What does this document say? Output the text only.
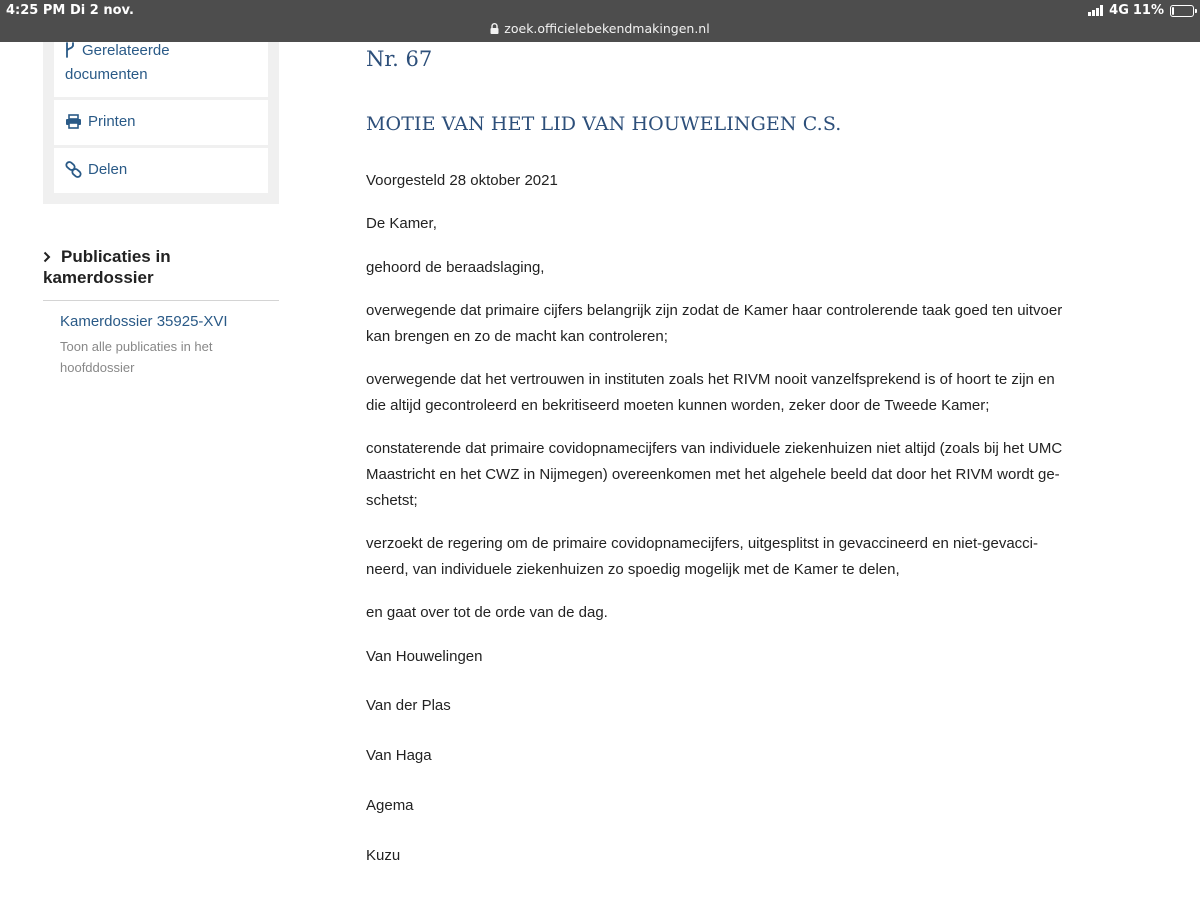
4:25 PM Di 2 nov.
zoek.officielebekendmakingen.nl
4G 11%
Gerelateerde
documenten
Printen
Delen
Publicaties in
kamerdossier
Kamerdossier 35925-XVI
Toon alle publicaties in het
hoofddossier
Nr. 67
MOTIE VAN HET LID VAN HOUWELINGEN C.S.
Voorgesteld 28 oktober 2021
De Kamer,
gehoord de beraadslaging,
overwegende dat primaire cijfers belangrijk zijn zodat de Kamer haar controlerende taak goed ten uitvoer
kan brengen en zo de macht kan controleren;
overwegende dat het vertrouwen in instituten zoals het RIVM nooit vanzelfsprekend is of hoort te zijn en
die altijd gecontroleerd en bekritiseerd moeten kunnen worden, zeker door de Tweede Kamer;
constaterende dat primaire covidopnamecijfers van individuele ziekenhuizen niet altijd (zoals bij het UMC
Maastricht en het CWZ in Nijmegen) overeenkomen met het algehele beeld dat door het RIVM wordt ge-
schetst;
verzoekt de regering om de primaire covidopnamecijfers, uitgesplitst in gevaccineerd en niet-gevacci-
neerd, van individuele ziekenhuizen zo spoedig mogelijk met de Kamer te delen,
en gaat over tot de orde van de dag.
Van Houwelingen
Van der Plas
Van Haga
Agema
Kuzu
